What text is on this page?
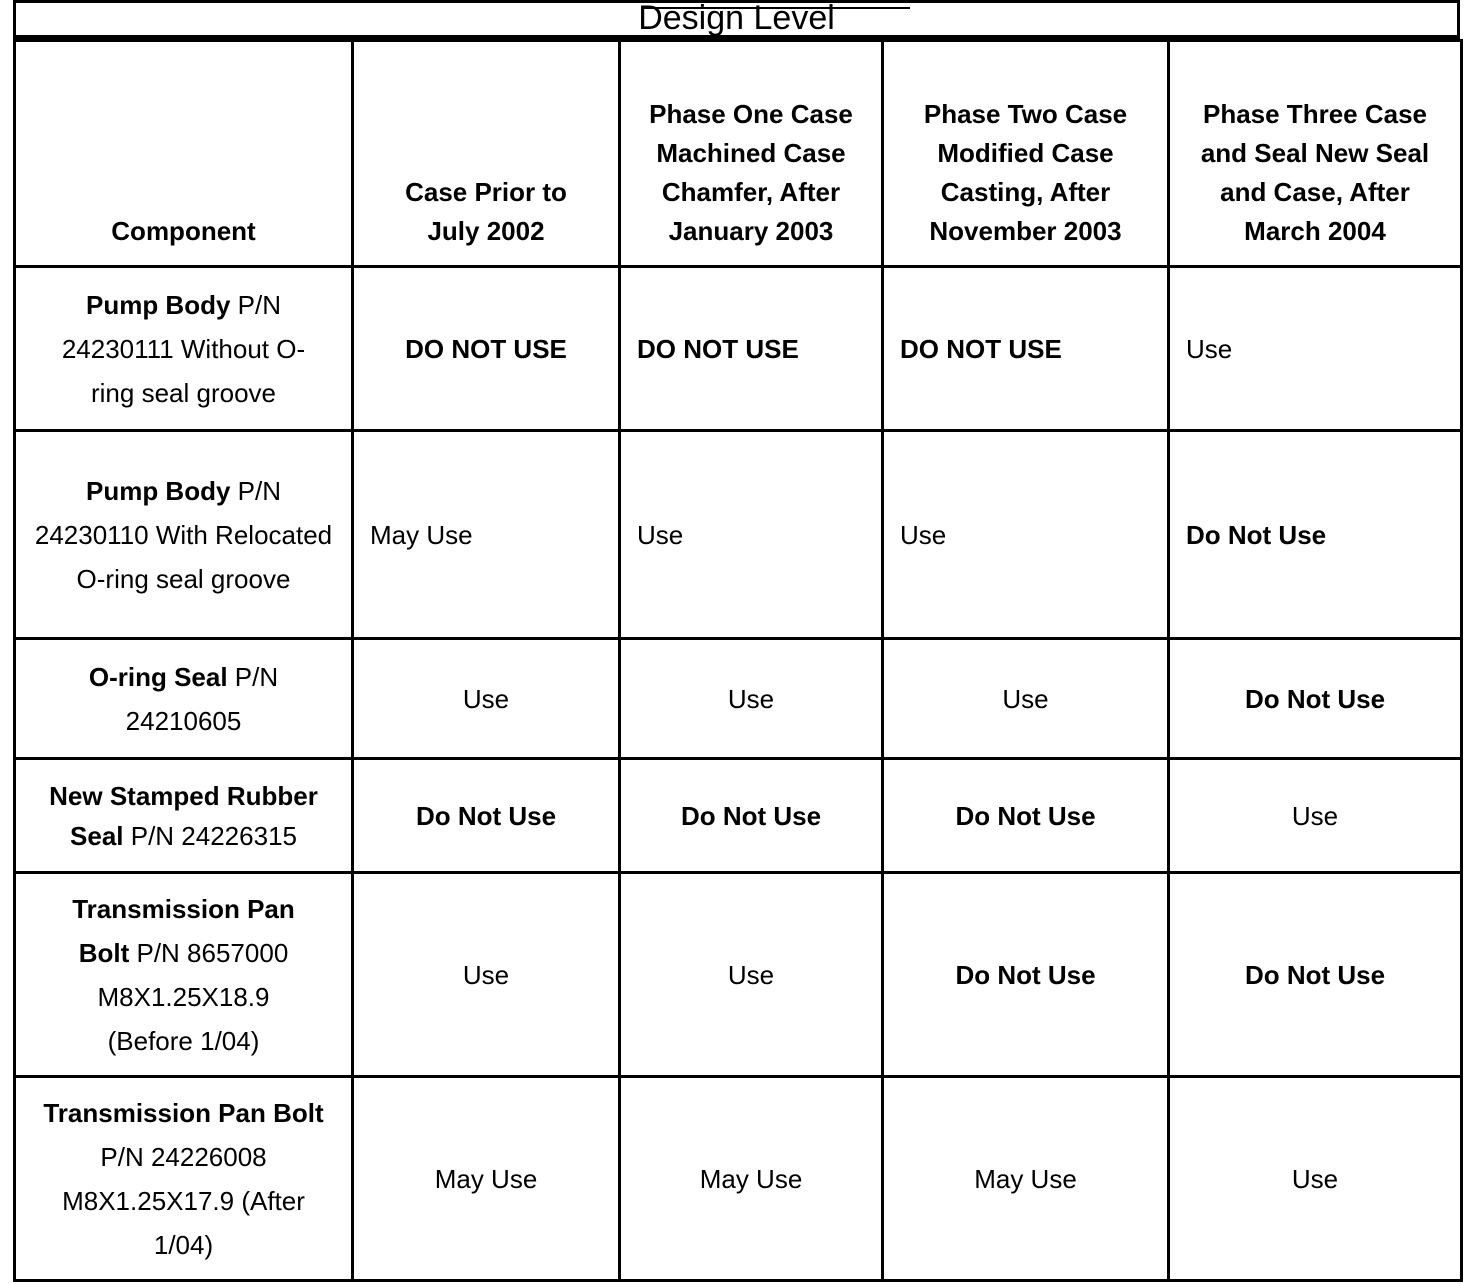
Design Level
Component	Case Prior to July 2002	Phase One Case Machined Case Chamfer, After January 2003	Phase Two Case Modified Case Casting, After November 2003	Phase Three Case and Seal New Seal and Case, After March 2004
Pump Body P/N 24230111 Without O-ring seal groove	DO NOT USE	DO NOT USE	DO NOT USE	Use
Pump Body P/N 24230110 With Relocated O-ring seal groove	May Use	Use	Use	Do Not Use
O-ring Seal P/N 24210605	Use	Use	Use	Do Not Use
New Stamped Rubber Seal P/N 24226315	Do Not Use	Do Not Use	Do Not Use	Use
Transmission Pan Bolt P/N 8657000 M8X1.25X18.9 (Before 1/04)	Use	Use	Do Not Use	Do Not Use
Transmission Pan Bolt P/N 24226008 M8X1.25X17.9 (After 1/04)	May Use	May Use	May Use	Use
